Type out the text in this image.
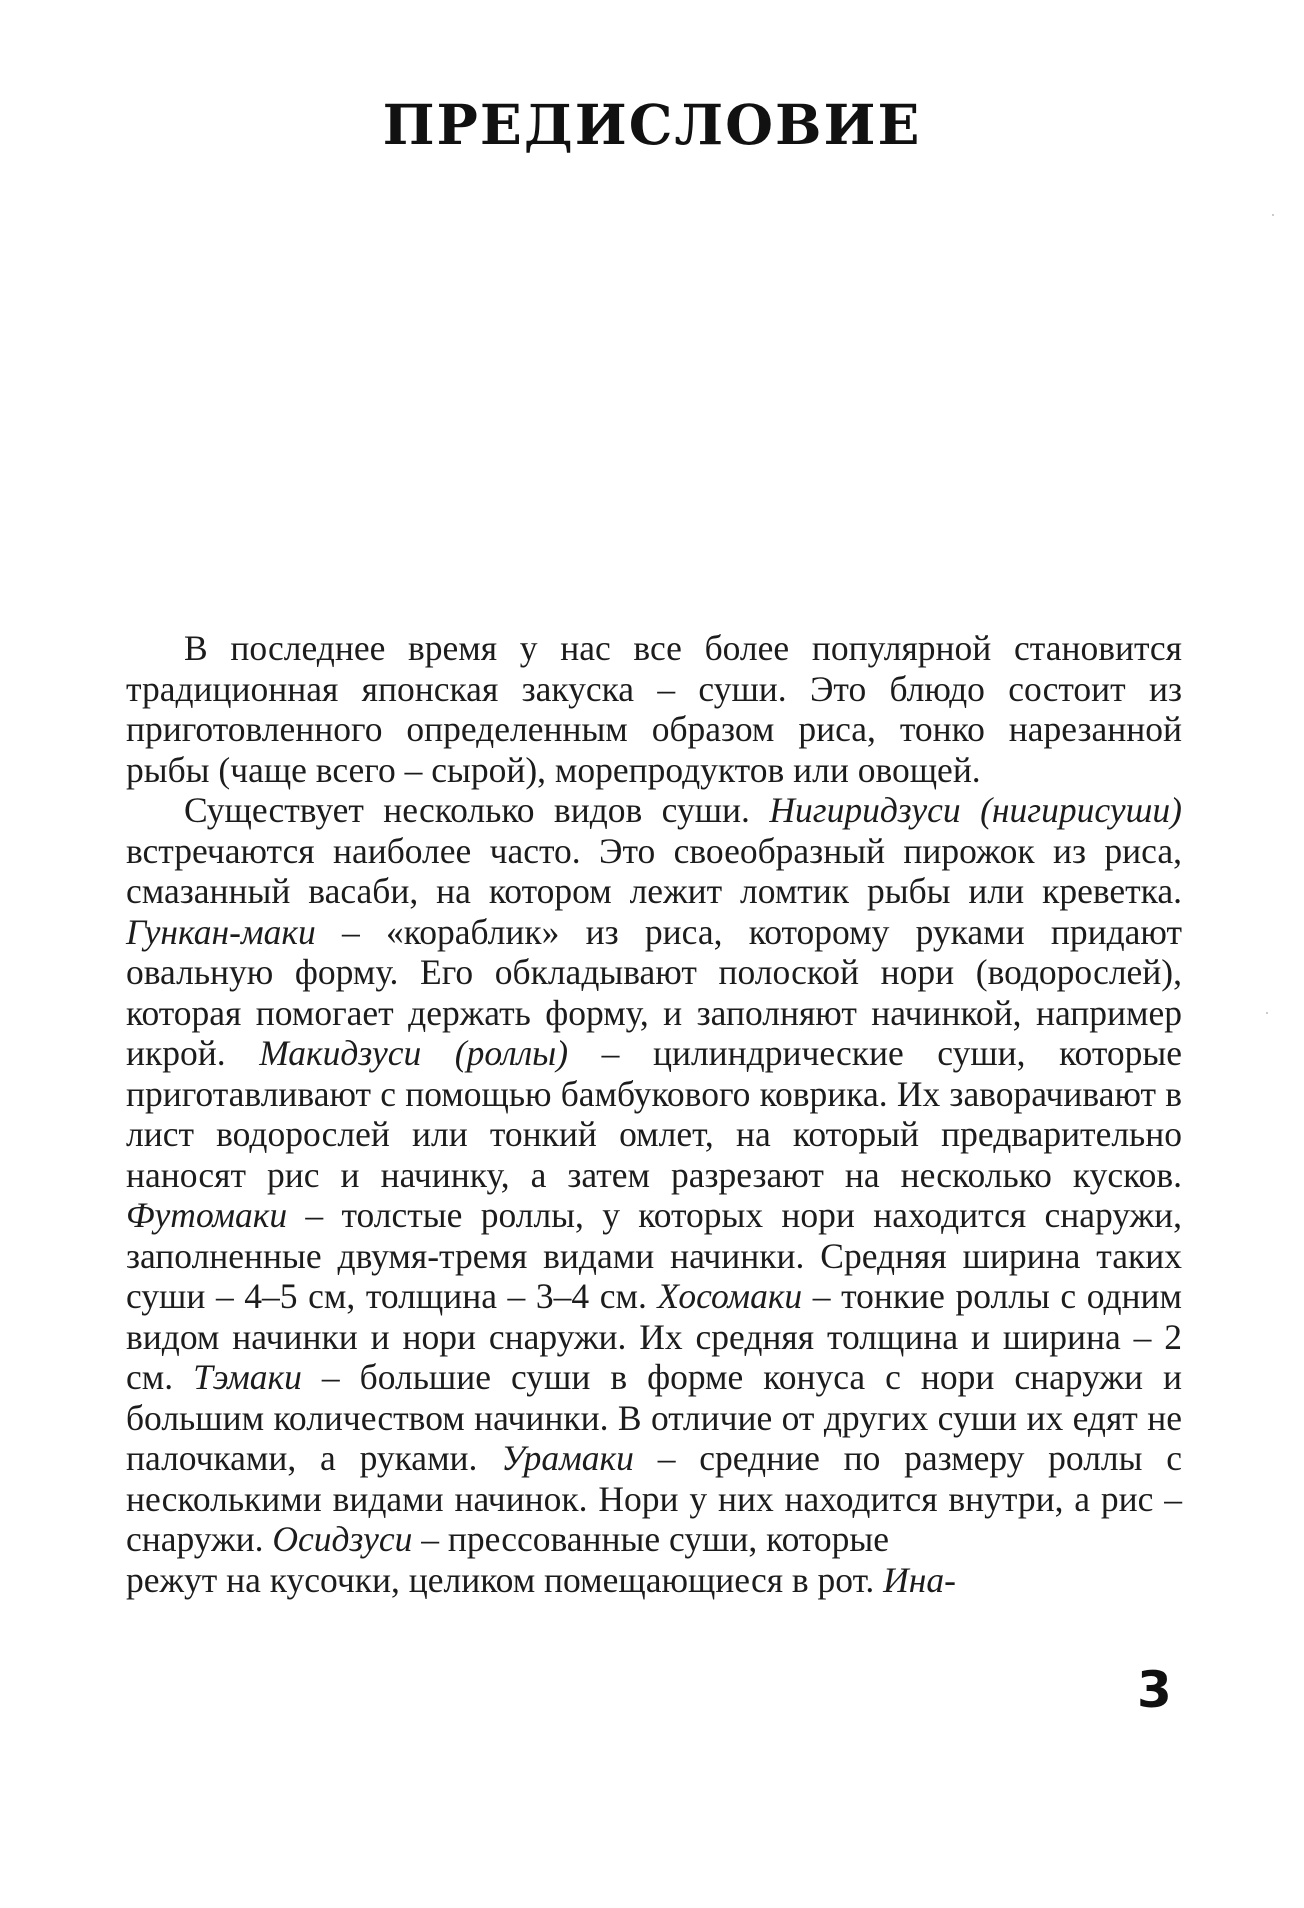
ПРЕДИСЛОВИЕ

В последнее время у нас все более популярной становится традиционная японская закуска – суши. Это блюдо состоит из приготовленного определенным образом риса, тонко нарезанной рыбы (чаще всего – сырой), морепродуктов или овощей.

Существует несколько видов суши. Нигиридзуси (нигирисуши) встречаются наиболее часто. Это своеобразный пирожок из риса, смазанный васаби, на котором лежит ломтик рыбы или креветка. Гункан-маки – «кораблик» из риса, которому руками придают овальную форму. Его обкладывают полоской нори (водорослей), которая помогает держать форму, и заполняют начинкой, например икрой. Макидзуси (роллы) – цилиндрические суши, которые приготавливают с помощью бамбукового коврика. Их заворачивают в лист водорослей или тонкий омлет, на который предварительно наносят рис и начинку, а затем разрезают на несколько кусков. Футомаки – толстые роллы, у которых нори находится снаружи, заполненные двумя-тремя видами начинки. Средняя ширина таких суши – 4–5 см, толщина – 3–4 см. Хосомаки – тонкие роллы с одним видом начинки и нори снаружи. Их средняя толщина и ширина – 2 см. Тэмаки – большие суши в форме конуса с нори снаружи и большим количеством начинки. В отличие от других суши их едят не палочками, а руками. Урамаки – средние по размеру роллы с несколькими видами начинок. Нори у них находится внутри, а рис – снаружи. Осидзуси – прессованные суши, которые

режут на кусочки, целиком помещающиеся в рот. Ина-

3
